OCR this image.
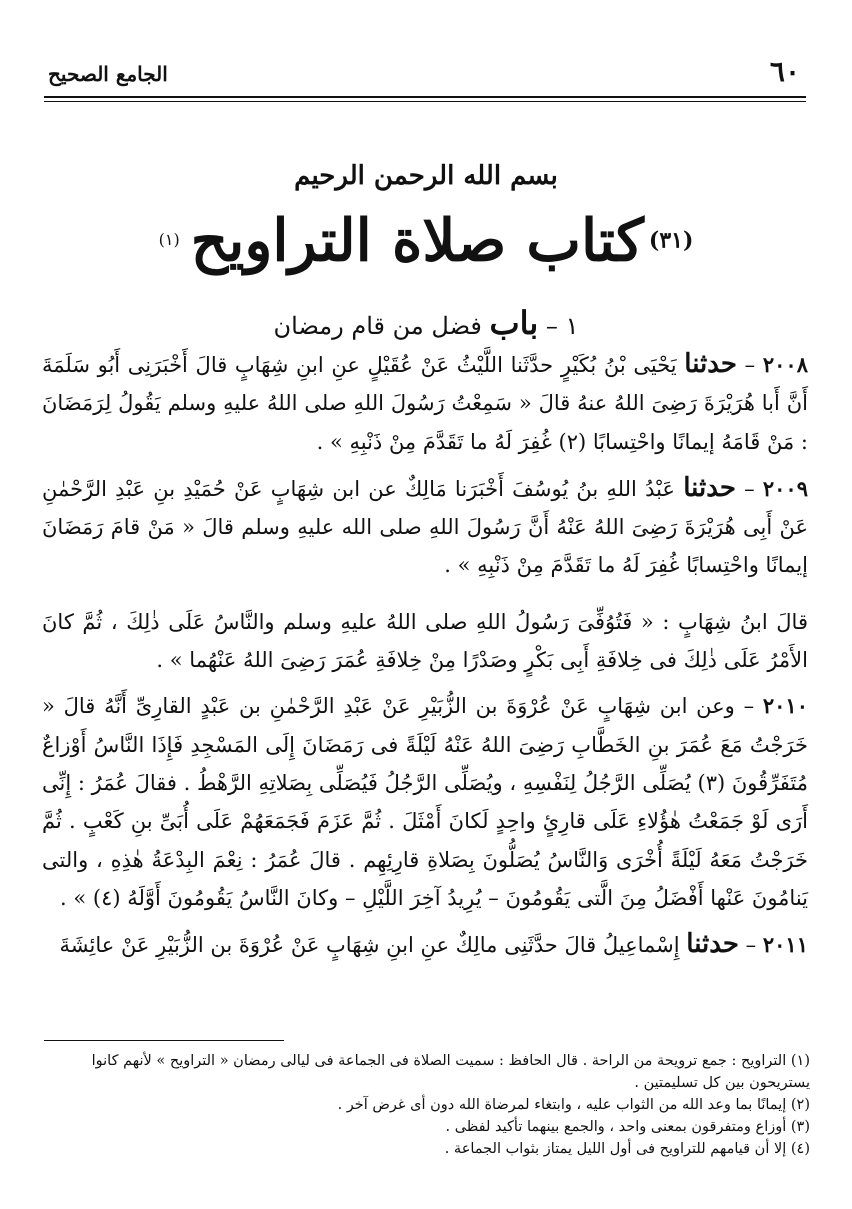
٦٠
الجامع الصحيح
بسم الله الرحمن الرحيم
(٣١) كتاب صلاة التراويح (١)
١ – باب فضل من قام رمضان

٢٠٠٨ – حدثنا يَحْيَى بْنُ بُكَيْرٍ حدَّثَنا اللَّيْثُ عَنْ عُقَيْلٍ عنِ ابنِ شِهَابٍ قالَ أَخْبَرَنِى أَبُو سَلَمَةَ أَنَّ أَبا هُرَيْرَةَ رَضِىَ اللهُ عنهُ قالَ « سَمِعْتُ رَسُولَ اللهِ صلى اللهُ عليهِ وسلم يَقُولُ لِرَمَضَانَ : مَنْ قَامَهُ إيمانًا واحْتِسابًا (٢) غُفِرَ لَهُ ما تَقَدَّمَ مِنْ ذَنْبِهِ » .

٢٠٠٩ – حدثنا عَبْدُ اللهِ بنُ يُوسُفَ أَخْبَرَنا مَالِكٌ عن ابن شِهَابٍ عَنْ حُمَيْدِ بنِ عَبْدِ الرَّحْمٰنِ عَنْ أَبِى هُرَيْرَةَ رَضِىَ اللهُ عَنْهُ أَنَّ رَسُولَ اللهِ صلى الله عليهِ وسلم قالَ « مَنْ قامَ رَمَضَانَ إيمانًا واحْتِسابًا غُفِرَ لَهُ ما تَقَدَّمَ مِنْ ذَنْبِهِ » .

قالَ ابنُ شِهَابٍ : « فَتُوُفِّىَ رَسُولُ اللهِ صلى اللهُ عليهِ وسلم والنَّاسُ عَلَى ذٰلِكَ ، ثُمَّ كانَ الأَمْرُ عَلَى ذٰلِكَ فى خِلافَةِ أَبِى بَكْرٍ وصَدْرًا مِنْ خِلافَةِ عُمَرَ رَضِىَ اللهُ عَنْهُما » .

٢٠١٠ – وعن ابن شِهَابٍ عَنْ عُرْوَةَ بن الزُّبَيْرِ عَنْ عَبْدِ الرَّحْمٰنِ بن عَبْدٍ القارِىِّ أَنَّهُ قالَ « خَرَجْتُ مَعَ عُمَرَ بنِ الخَطَّابِ رَضِىَ اللهُ عَنْهُ لَيْلَةً فى رَمَضَانَ إِلَى المَسْجِدِ فَإِذَا النَّاسُ أَوْزاعٌ مُتَفَرِّقُونَ (٣) يُصَلِّى الرَّجُلُ لِنَفْسِهِ ، ويُصَلِّى الرَّجُلُ فَيُصَلِّى بِصَلاتِهِ الرَّهْطُ . فقالَ عُمَرُ : إِنِّى أَرَى لَوْ جَمَعْتُ هٰؤُلاءِ عَلَى قارِئٍ واحِدٍ لَكانَ أَمْثَلَ . ثُمَّ عَزَمَ فَجَمَعَهُمْ عَلَى أُبَىِّ بنِ كَعْبٍ . ثُمَّ خَرَجْتُ مَعَهُ لَيْلَةً أُخْرَى وَالنَّاسُ يُصَلُّونَ بِصَلاةِ قارِئِهِم . قالَ عُمَرُ : نِعْمَ البِدْعَةُ هٰذِهِ ، والتى يَنامُونَ عَنْها أَفْضَلُ مِنَ الَّتى يَقُومُونَ – يُرِيدُ آخِرَ اللَّيْلِ – وكانَ النَّاسُ يَقُومُونَ أَوَّلَهُ (٤) » .

٢٠١١ – حدثنا إِسْماعِيلُ قالَ حدَّثَنِى مالِكٌ عنِ ابنِ شِهَابٍ عَنْ عُرْوَةَ بن الزُّبَيْرِ عَنْ عائِشَةَ

(١) التراويح : جمع ترويحة من الراحة . قال الحافظ : سميت الصلاة فى الجماعة فى ليالى رمضان « التراويح » لأنهم كانوا يستريحون بين كل تسليمتين .
(٢) إيمانًا بما وعد الله من الثواب عليه ، وابتغاء لمرضاة الله دون أى غرض آخر .
(٣) أوزاع ومتفرقون بمعنى واحد ، والجمع بينهما تأكيد لفظى .
(٤) إلا أن قيامهم للتراويح فى أول الليل يمتاز بثواب الجماعة .
